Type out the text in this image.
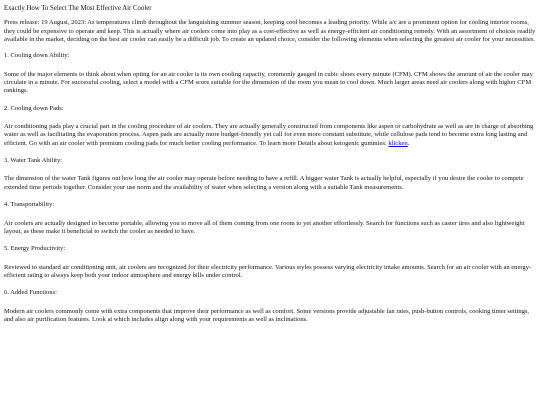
Exactly How To Select The Most Effective Air Cooler

Press release: 19 August, 2023: As temperatures climb throughout the languishing summer season, keeping cool becomes a leading priority. While a/c are a prominent option for cooling interior rooms, they could be expensive to operate and keep. This is actually where air coolers come into play as a cost-effective as well as energy-efficient air conditioning remedy. With an assortment of choices readily available in the market, deciding on the best air cooler can easily be a difficult job. To create an updated choice, consider the following elements when selecting the greatest air cooler for your necessities.

1. Cooling down Ability:

Some of the major elements to think about when opting for an air cooler is its own cooling capacity, commonly gauged in cubic shoes every minute (CFM). CFM shows the amount of air the cooler may circulate in a minute. For successful cooling, select a model with a CFM score suitable for the dimension of the room you mean to cool down. Much larger areas need air coolers along with higher CFM rankings.

2. Cooling down Pads:

Air conditioning pads play a crucial part in the cooling procedure of air coolers. They are actually generally constructed from components like aspen or carbohydrate as well as are in charge of absorbing water as well as facilitating the evaporation process. Aspen pads are actually more budget-friendly yet call for even more constant substitute, while cellulose pads tend to become extra long lasting and efficient. Go with an air cooler with premium cooling pads for much better cooling performance. To learn more Details about ketogenic gummies: klicken.

3. Water Tank Ability:

The dimension of the water Tank figures out how long the air cooler may operate before needing to have a refill. A bigger water Tank is actually helpful, especially if you desire the cooler to compete extended time periods together. Consider your use norm and the availability of water when selecting a version along with a suitable Tank measurements.

4. Transportability:

Air coolers are actually designed to become portable, allowing you to move all of them coming from one room to yet another effortlessly. Search for functions such as caster tires and also lightweight layout, as these make it beneficial to switch the cooler as needed to have.

5. Energy Productivity:

Reviewed to standard air conditioning unit, air coolers are recognized for their electricity performance. Various styles possess varying electricity intake amounts. Search for an air cooler with an energy-efficient rating to always keep both your indoor atmosphere and energy bills under control.

6. Added Functions:

Modern air coolers commonly come with extra components that improve their performance as well as comfort. Some versions provide adjustable fan rates, push-button controls, cooking timer settings, and also air purification features. Look at which includes align along with your requirements as well as inclinations.
